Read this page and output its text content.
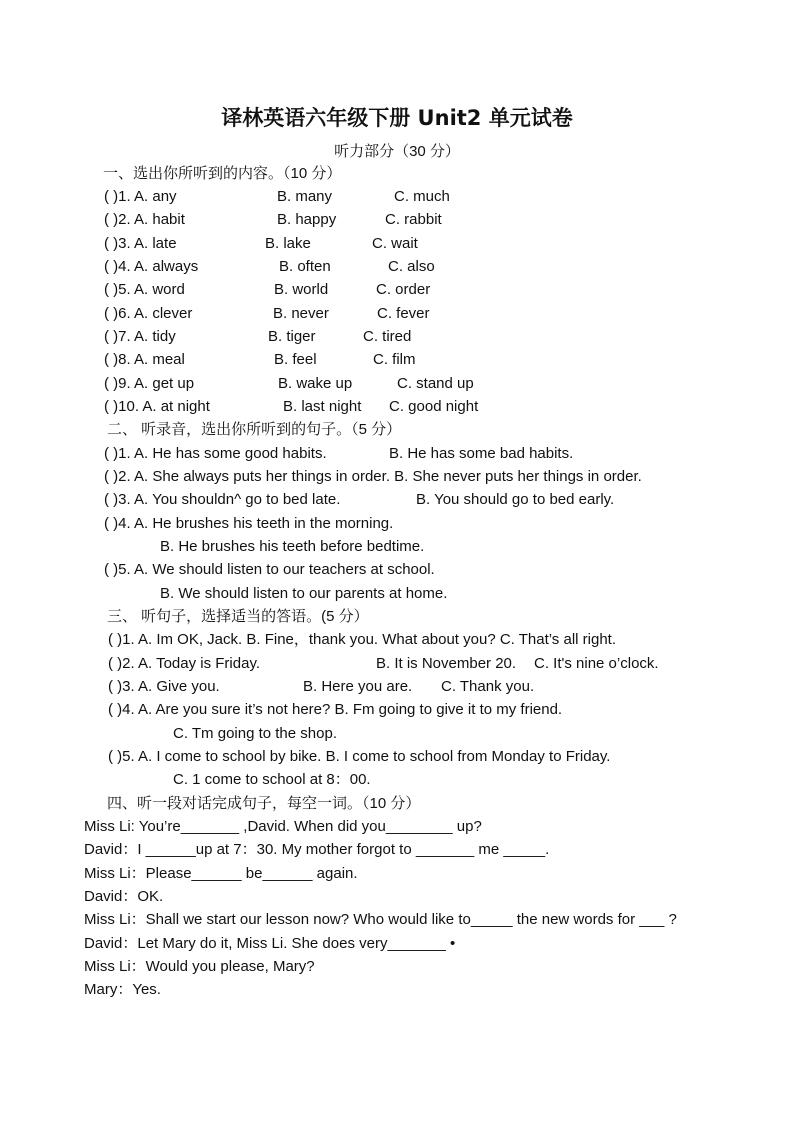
译林英语六年级下册 Unit2 单元试卷
听力部分（30 分）
一、选出你所听到的内容。（10 分）
( )1. A. any	B. many	C. much
( )2. A. habit	B. happy	C. rabbit
( )3. A. late	B. lake	C. wait
( )4. A. always	B. often	C. also
( )5. A. word	B. world	C. order
( )6. A. clever	B. never	C. fever
( )7. A. tidy	B. tiger	C. tired
( )8. A. meal	B. feel	C. film
( )9. A. get up	B. wake up	C. stand up
( )10. A. at night	B. last night C. good night
二、 听录音，选出你所听到的句子。（5 分）
( )1. A. He has some good habits.	B. He has some bad habits.
( )2. A. She always puts her things in order. B. She never puts her things in order.
( )3. A. You shouldn^ go to bed late.	B. You should go to bed early.
( )4. A. He brushes his teeth in the morning.
B. He brushes his teeth before bedtime.
( )5. A. We should listen to our teachers at school.
B. We should listen to our parents at home.
三、 听句子，选择适当的答语。(5 分）
( )1. A. Im OK, Jack. B. Fine，thank you. What about you? C. That’s all right.
( )2. A. Today is Friday.	B. It is November 20. C. It's nine o’clock.
( )3. A. Give you.	B. Here you are. C. Thank you.
( )4. A. Are you sure it’s not here? B. Fm going to give it to my friend.
C. Tm going to the shop.
( )5. A. I come to school by bike. B. I come to school from Monday to Friday.
C. 1 come to school at 8：00.
四、听一段对话完成句子，每空一词。（10 分）
Miss Li: You’re_______ ,David. When did you________ up?
David：I ______up at 7：30. My mother forgot to _______ me _____.
Miss Li：Please______ be______ again.
David：OK.
Miss Li：Shall we start our lesson now? Who would like to_____ the new words for ___ ?
David：Let Mary do it, Miss Li. She does very_______ •
Miss Li：Would you please, Mary?
Mary：Yes.
